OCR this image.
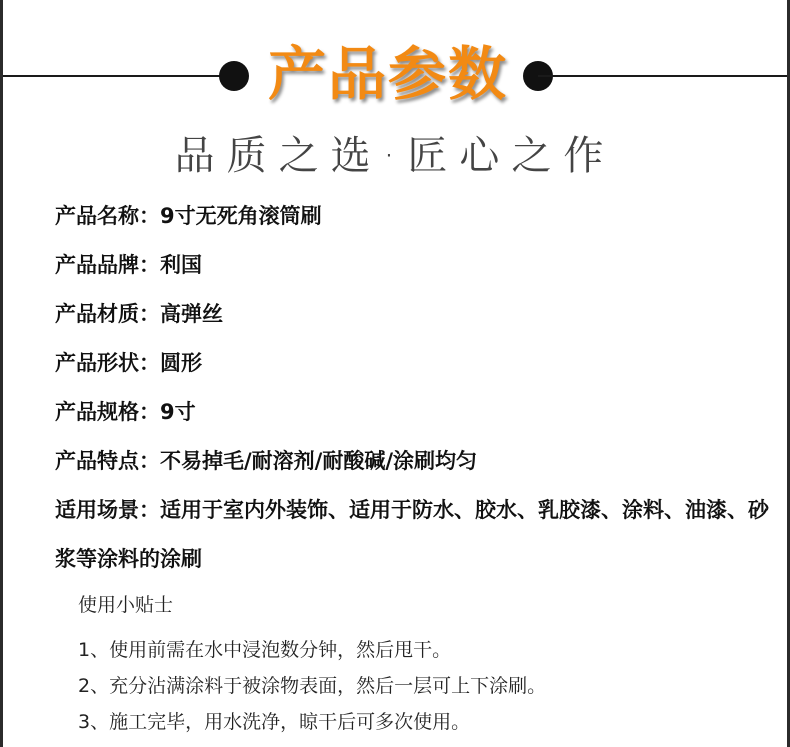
产品参数
品质之选·匠心之作
产品名称：9寸无死角滚筒刷
产品品牌：利国
产品材质：高弹丝
产品形状：圆形
产品规格：9寸
产品特点：不易掉毛/耐溶剂/耐酸碱/涂刷均匀
适用场景：适用于室内外装饰、适用于防水、胶水、乳胶漆、涂料、油漆、砂浆等涂料的涂刷
使用小贴士
1、使用前需在水中浸泡数分钟，然后甩干。
2、充分沾满涂料于被涂物表面，然后一层可上下涂刷。
3、施工完毕，用水洗净，晾干后可多次使用。
